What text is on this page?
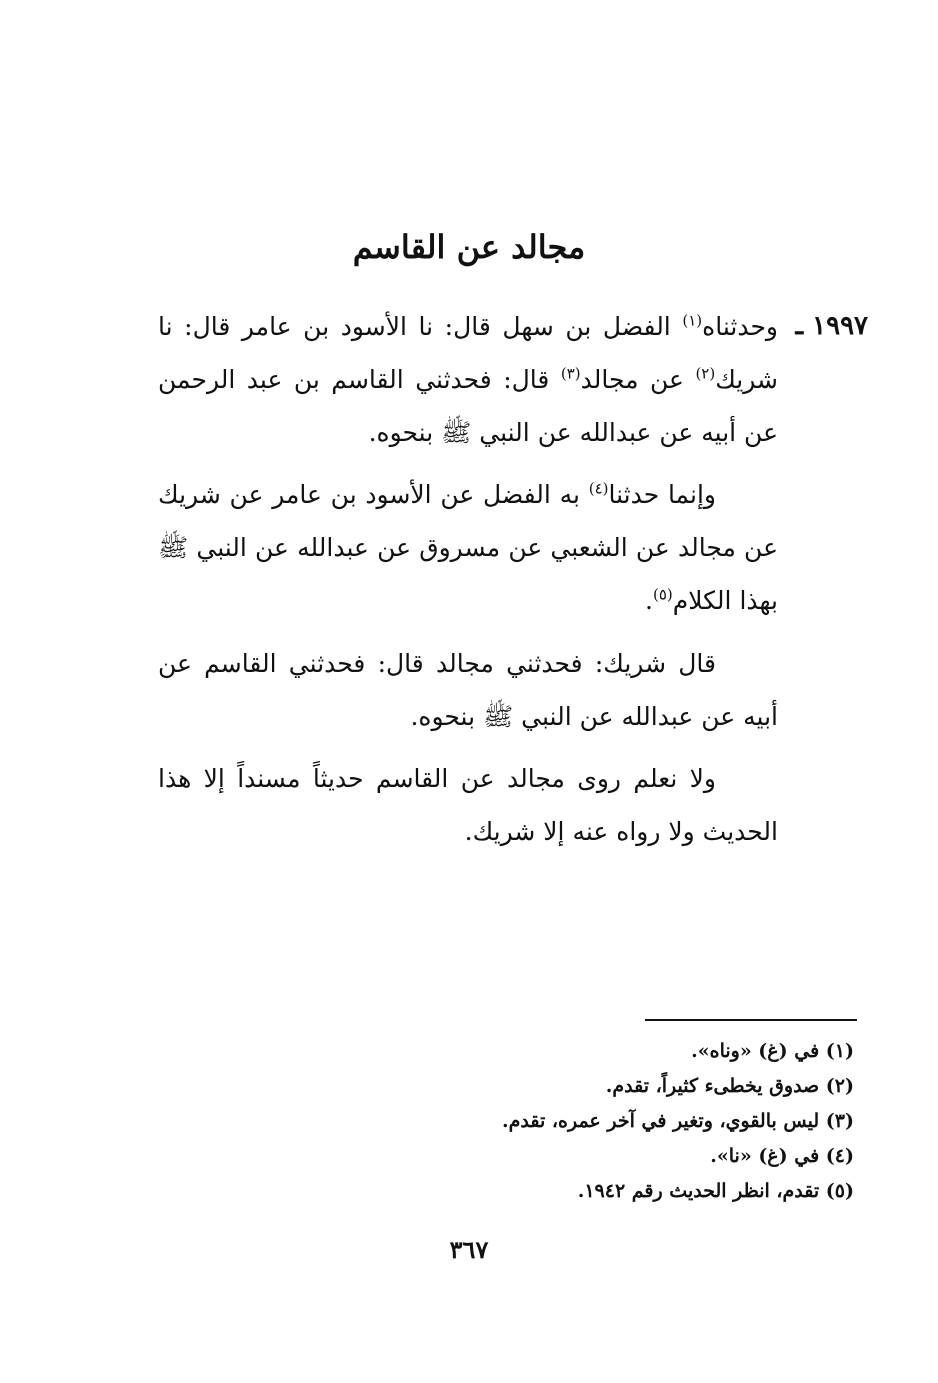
مجالد عن القاسم
١٩٩٧ ـ

وحدثناه$^{(١)}$ الفضل بن سهل قال: نا الأسود بن عامر قال: نا شريك$^{(٢)}$ عن مجالد$^{(٣)}$ قال: فحدثني القاسم بن عبد الرحمن عن أبيه عن عبدالله عن النبي ﷺ بنحوه.

وإنما حدثنا$^{(٤)}$ به الفضل عن الأسود بن عامر عن شريك عن مجالد عن الشعبي عن مسروق عن عبدالله عن النبي ﷺ بهذا الكلام$^{(٥)}$.

قال شريك: فحدثني مجالد قال: فحدثني القاسم عن أبيه عن عبدالله عن النبي ﷺ بنحوه.

ولا نعلم روى مجالد عن القاسم حديثاً مسنداً إلا هذا الحديث ولا رواه عنه إلا شريك.

(١) في (غ) «وناه».
(٢) صدوق يخطىء كثيراً، تقدم.
(٣) ليس بالقوي، وتغير في آخر عمره، تقدم.
(٤) في (غ) «نا».
(٥) تقدم، انظر الحديث رقم ١٩٤٢.
٣٦٧
